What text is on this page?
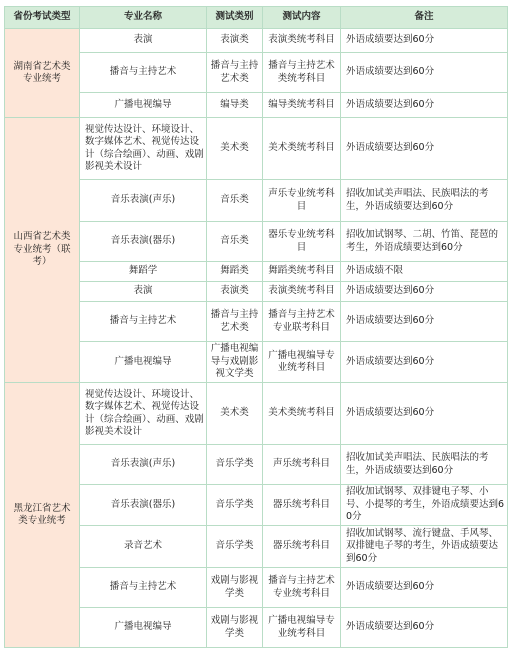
省份考试类型	专业名称	测试类别	测试内容	备注
湖南省艺术类专业统考	表演	表演类	表演类统考科目	外语成绩要达到60分
	播音与主持艺术	播音与主持艺术类	播音与主持艺术类统考科目	外语成绩要达到60分
	广播电视编导	编导类	编导类统考科目	外语成绩要达到60分
山西省艺术类专业统考（联考）	视觉传达设计、环境设计、数字媒体艺术、视觉传达设计（综合绘画）、动画、戏剧影视美术设计	美术类	美术类统考科目	外语成绩要达到60分
	音乐表演(声乐)	音乐类	声乐专业统考科目	招收加试美声唱法、民族唱法的考生，外语成绩要达到60分
	音乐表演(器乐)	音乐类	器乐专业统考科目	招收加试钢琴、二胡、竹笛、琵琶的考生，外语成绩要达到60分
	舞蹈学	舞蹈类	舞蹈类统考科目	外语成绩不限
	表演	表演类	表演类统考科目	外语成绩要达到60分
	播音与主持艺术	播音与主持艺术类	播音与主持艺术专业联考科目	外语成绩要达到60分
	广播电视编导	广播电视编导与戏剧影视文学类	广播电视编导专业统考科目	外语成绩要达到60分
黑龙江省艺术类专业统考	视觉传达设计、环境设计、数字媒体艺术、视觉传达设计（综合绘画）、动画、戏剧影视美术设计	美术类	美术类统考科目	外语成绩要达到60分
	音乐表演(声乐)	音乐学类	声乐统考科目	招收加试美声唱法、民族唱法的考生，外语成绩要达到60分
	音乐表演(器乐)	音乐学类	器乐统考科目	招收加试钢琴、双排键电子琴、小号、小提琴的考生，外语成绩要达到60分
	录音艺术	音乐学类	器乐统考科目	招收加试钢琴、流行键盘、手风琴、双排键电子琴的考生，外语成绩要达到60分
	播音与主持艺术	戏剧与影视学类	播音与主持艺术专业统考科目	外语成绩要达到60分
	广播电视编导	戏剧与影视学类	广播电视编导专业统考科目	外语成绩要达到60分
